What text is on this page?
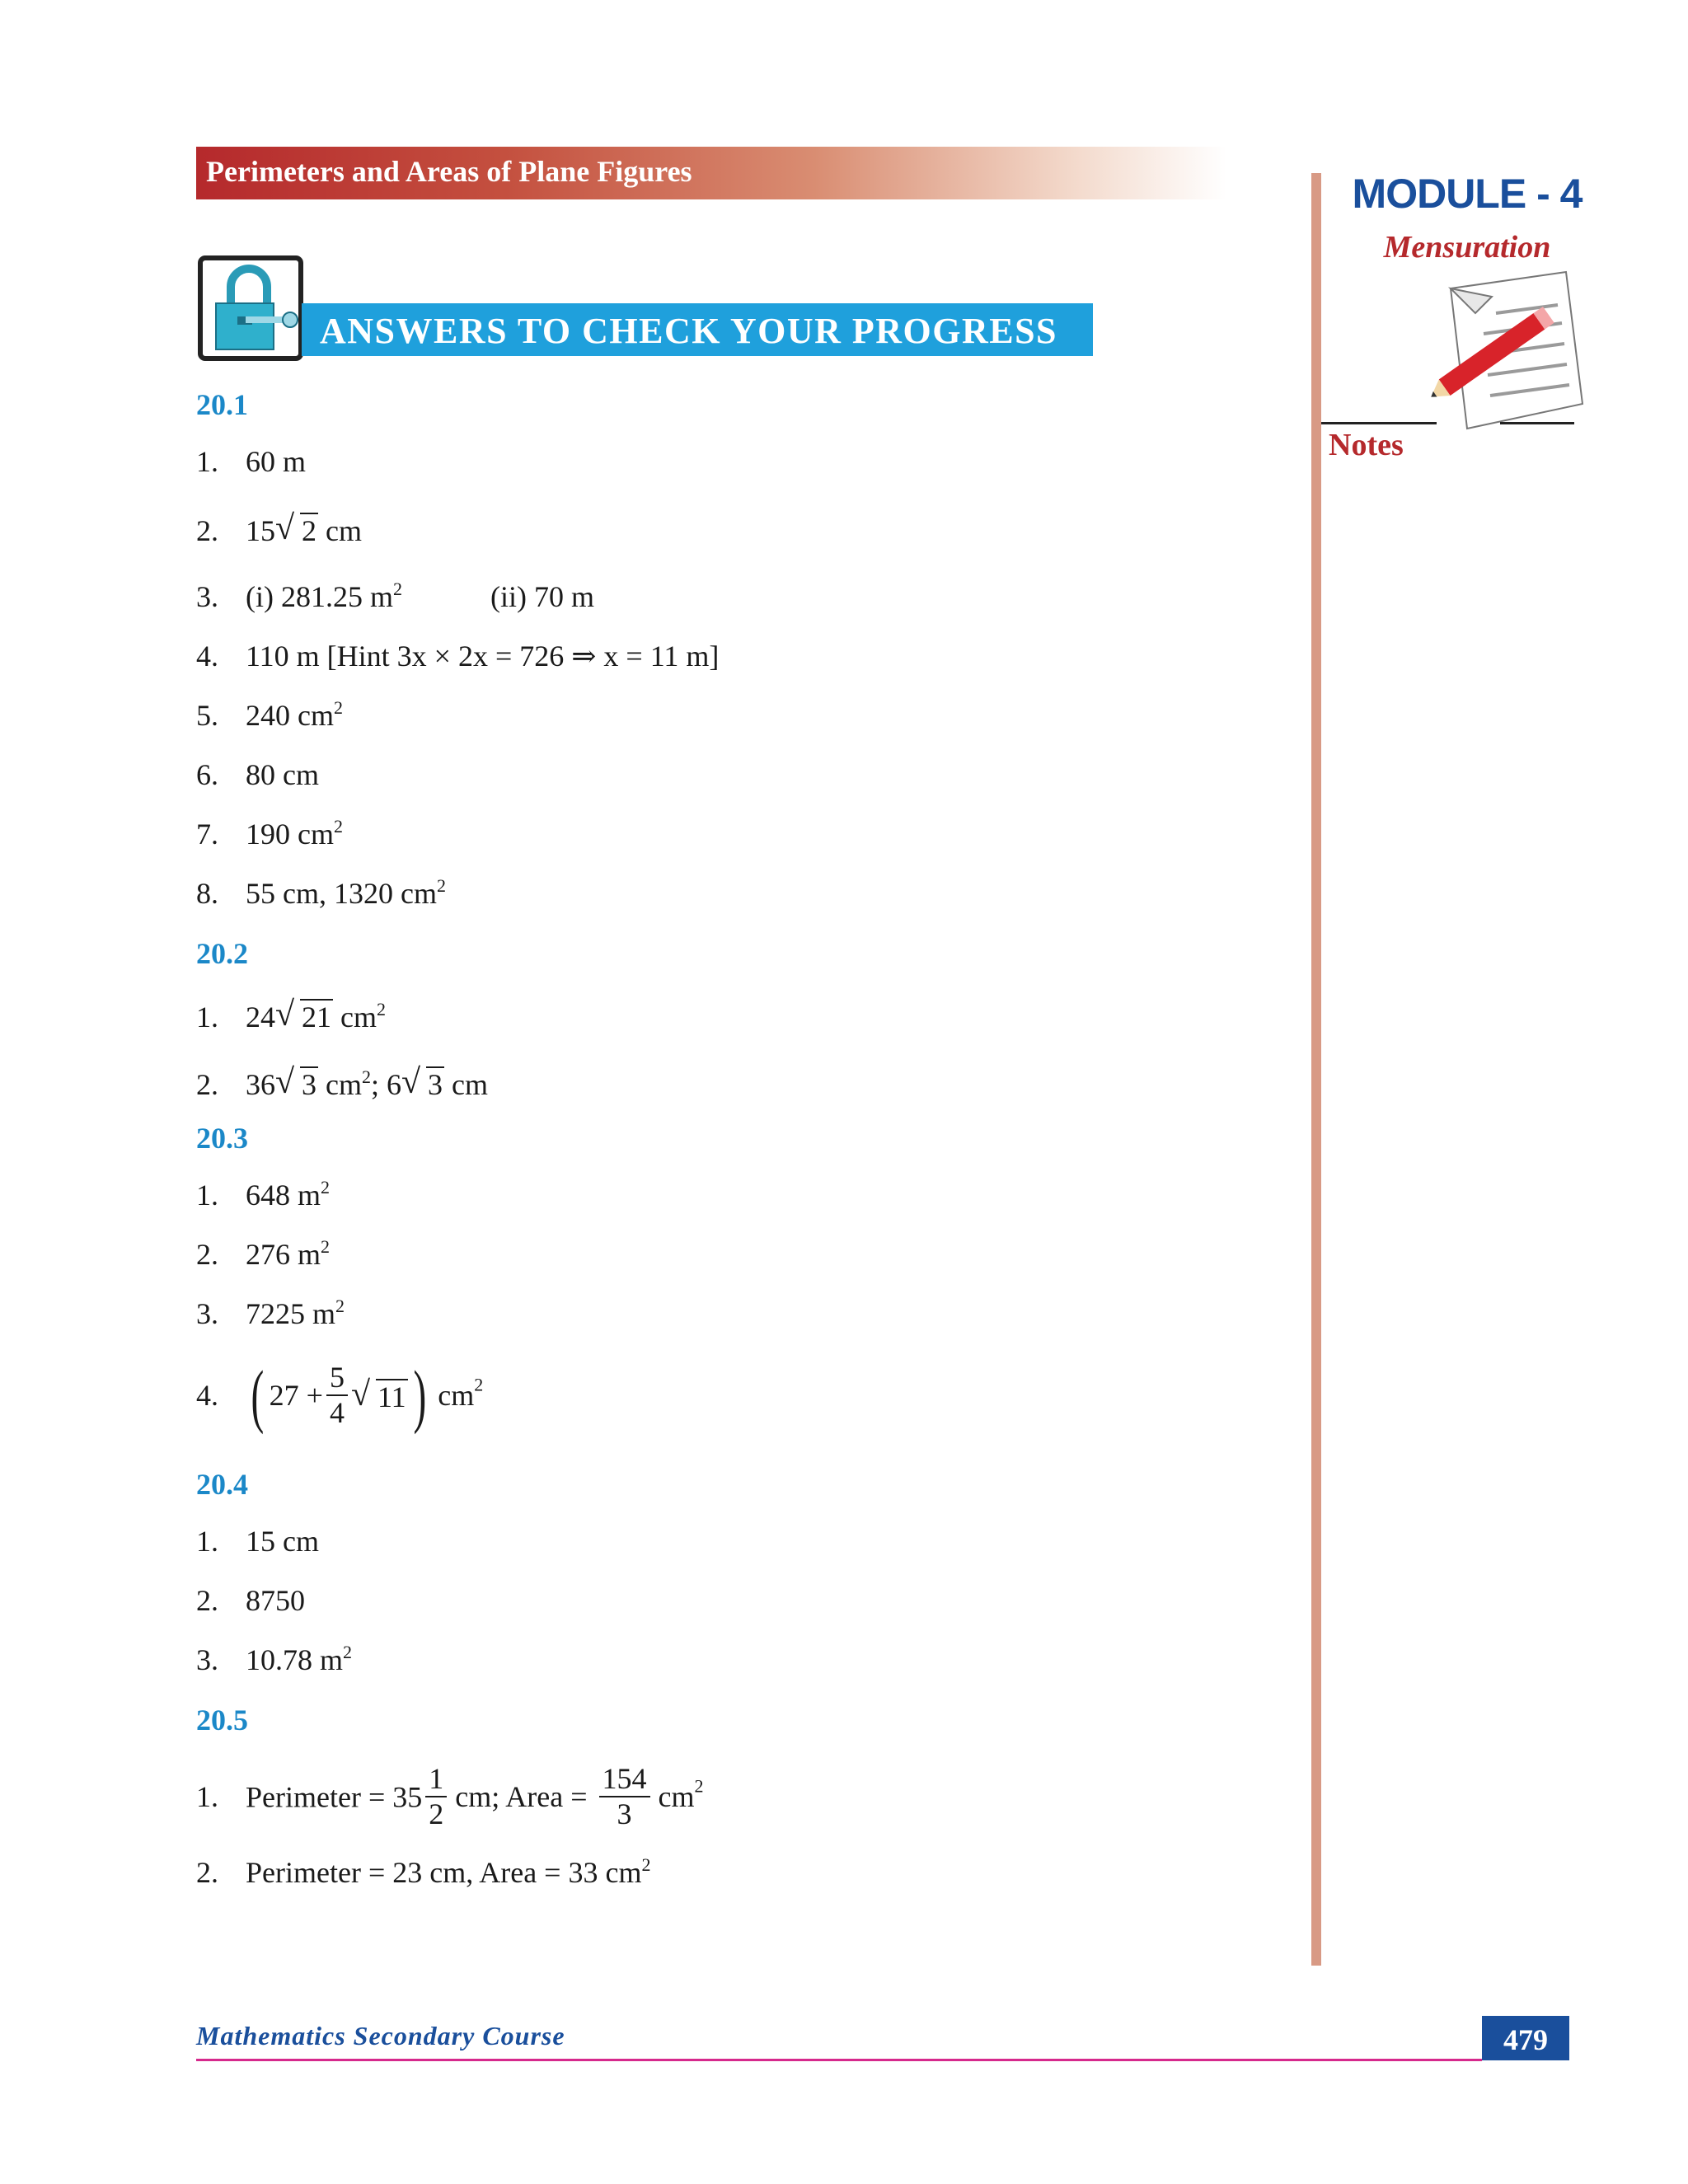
Perimeters and Areas of Plane Figures	MODULE - 4
Mensuration
Notes
ANSWERS TO CHECK YOUR PROGRESS
20.1
1. 60 m
2. 15 √ 2 cm
3. (i) 281.25 $m^2$	(ii) 70 m
4. 110 m [Hint 3x × 2x = 726 ⇒ x = 11 m]
5. 240 $cm^2$
6. 80 cm
7. 190 $cm^2$
8. 55 cm, 1320 $cm^2$
20.2
1. 24 √ 21 $cm^2$
2. 36 √ 3 $cm^2$; 6 √ 3 cm
20.3
1. 648 $m^2$
2. 276 $m^2$
3. 7225 $m^2$
4. ( $27 + \frac{5}{4}$ √ 11) $cm^2$
20.4
1. 15 cm
2. 8750
3. 10.78 $m^2$
20.5
1. Perimeter = $35 \frac{1}{2}$ cm; Area = $\frac{154}{3} cm^2$
2. Perimeter = 23 cm, Area = 33 $cm^2$
Mathematics Secondary Course	479
